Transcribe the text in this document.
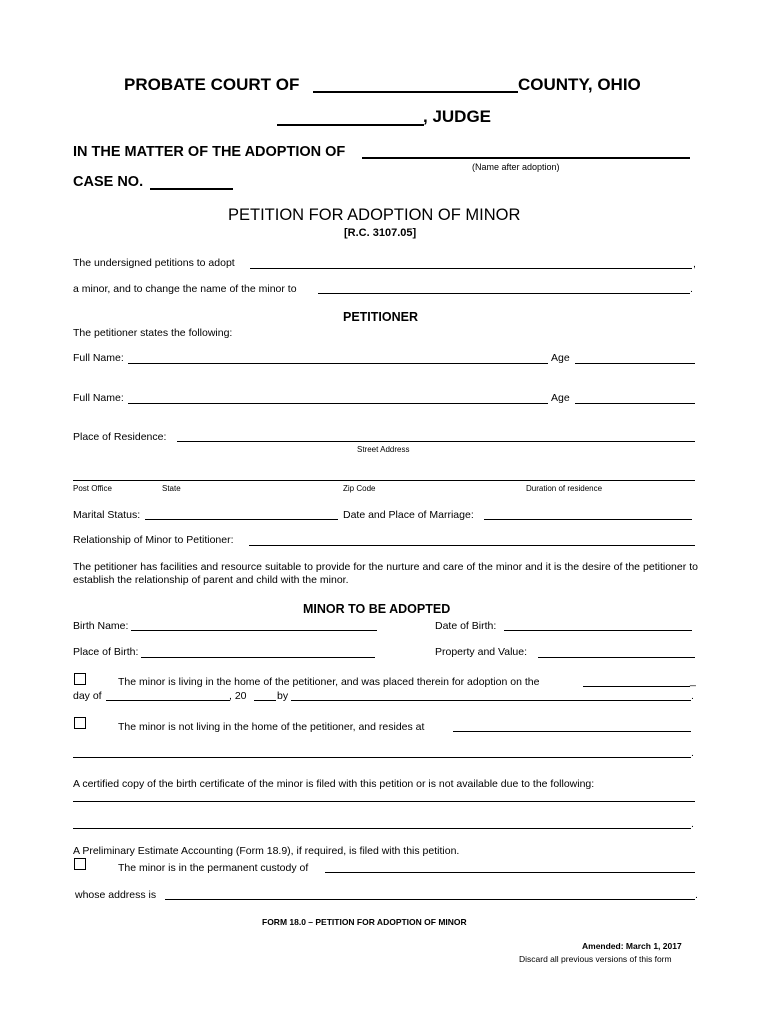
PROBATE COURT OF	COUNTY, OHIO
, JUDGE
IN THE MATTER OF THE ADOPTION OF
(Name after adoption)
CASE NO.
PETITION FOR ADOPTION OF MINOR
[R.C. 3107.05]
The undersigned petitions to adopt	,
a minor, and to change the name of the minor to	.
PETITIONER
The petitioner states the following:
Full Name:	Age
Full Name:	Age
Place of Residence:
Street Address
Post Office	State	Zip Code	Duration of residence
Marital Status:	Date and Place of Marriage:
Relationship of Minor to Petitioner:
The petitioner has facilities and resource suitable to provide for the nurture and care of the minor and it is the desire of the petitioner to establish the relationship of parent and child with the minor.
MINOR TO BE ADOPTED
Birth Name:	Date of Birth:
Place of Birth:	Property and Value:
The minor is living in the home of the petitioner, and was placed therein for adoption on the	_
day of	, 20	by	.
The minor is not living in the home of the petitioner, and resides at
.
A certified copy of the birth certificate of the minor is filed with this petition or is not available due to the following:
.
A Preliminary Estimate Accounting (Form 18.9), if required, is filed with this petition.
The minor is in the permanent custody of
whose address is	.
FORM 18.0 – PETITION FOR ADOPTION OF MINOR
Amended: March 1, 2017
Discard all previous versions of this form
